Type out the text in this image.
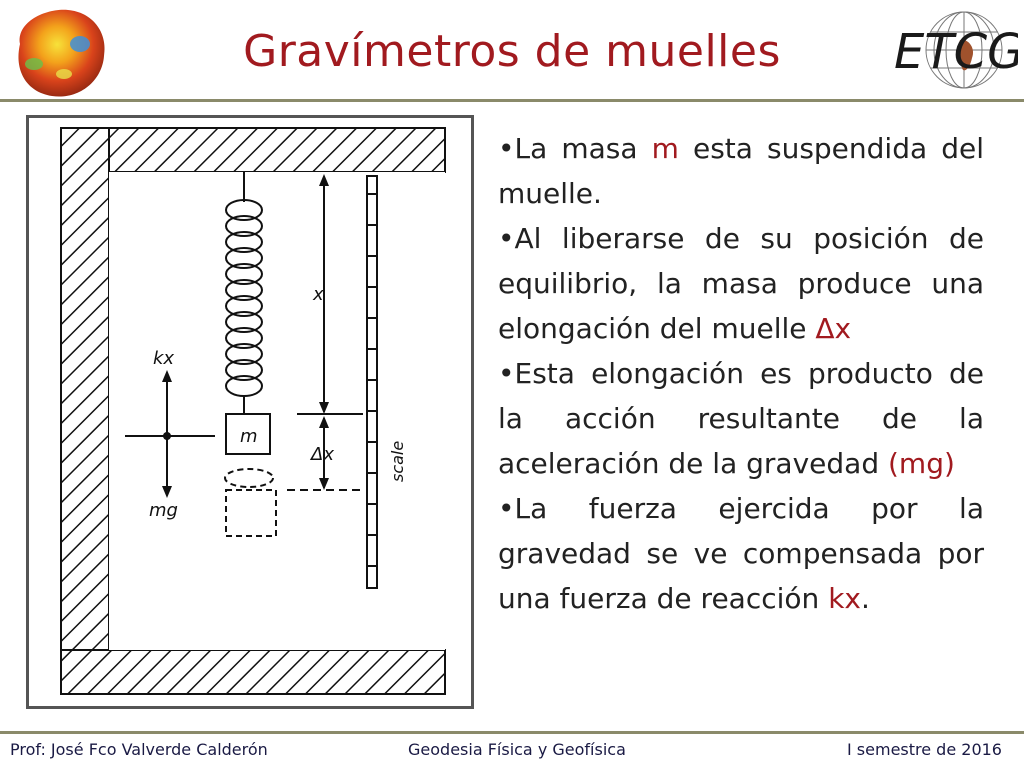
Gravímetros de muelles	ETCG
m
x
Δx	scale
kx
mg

•La masa m esta suspendida del muelle.

•Al liberarse de su posición de equilibrio, la masa produce una elongación del muelle Δx

•Esta elongación es producto de la acción resultante de la aceleración de la gravedad (mg)

•La fuerza ejercida por la gravedad se ve compensada por una fuerza de reacción kx.

Prof: José Fco Valverde Calderón	Geodesia Física y Geofísica	I semestre de 2016
